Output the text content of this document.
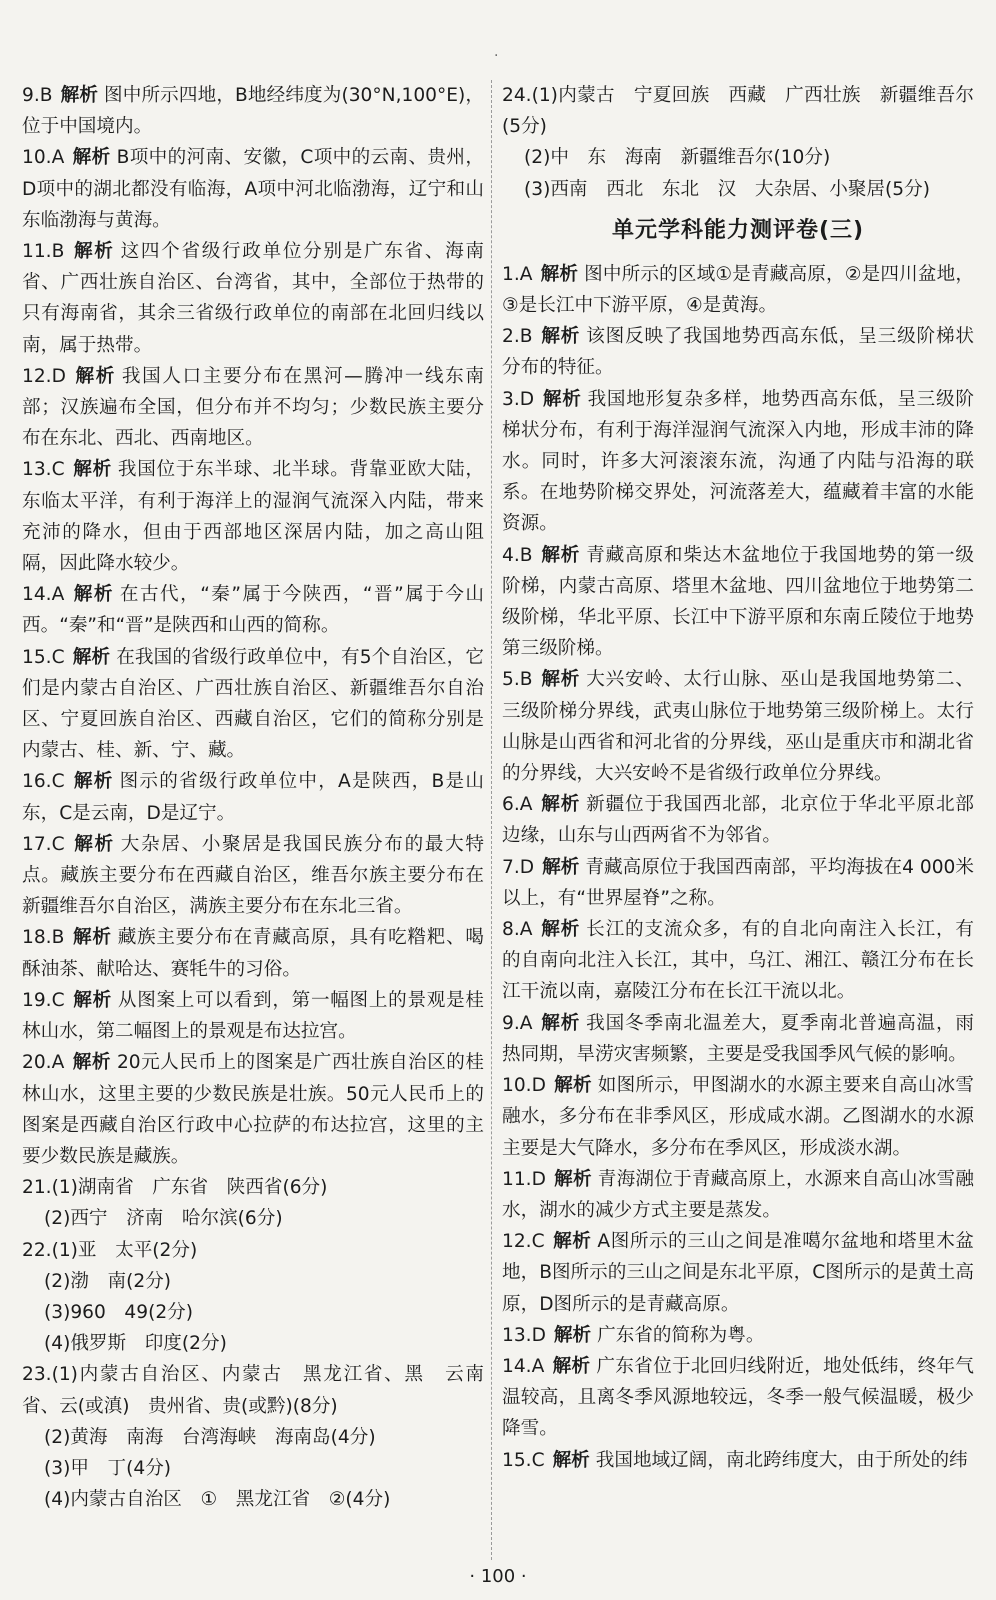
·

9.B 解析 图中所示四地，B地经纬度为(30°N,100°E)，位于中国境内。

10.A 解析 B项中的河南、安徽，C项中的云南、贵州，D项中的湖北都没有临海，A项中河北临渤海，辽宁和山东临渤海与黄海。

11.B 解析 这四个省级行政单位分别是广东省、海南省、广西壮族自治区、台湾省，其中，全部位于热带的只有海南省，其余三省级行政单位的南部在北回归线以南，属于热带。

12.D 解析 我国人口主要分布在黑河—腾冲一线东南部；汉族遍布全国，但分布并不均匀；少数民族主要分布在东北、西北、西南地区。

13.C 解析 我国位于东半球、北半球。背靠亚欧大陆，东临太平洋，有利于海洋上的湿润气流深入内陆，带来充沛的降水，但由于西部地区深居内陆，加之高山阻隔，因此降水较少。

14.A 解析 在古代，“秦”属于今陕西，“晋”属于今山西。“秦”和“晋”是陕西和山西的简称。

15.C 解析 在我国的省级行政单位中，有5个自治区，它们是内蒙古自治区、广西壮族自治区、新疆维吾尔自治区、宁夏回族自治区、西藏自治区，它们的简称分别是内蒙古、桂、新、宁、藏。

16.C 解析 图示的省级行政单位中，A是陕西，B是山东，C是云南，D是辽宁。

17.C 解析 大杂居、小聚居是我国民族分布的最大特点。藏族主要分布在西藏自治区，维吾尔族主要分布在新疆维吾尔自治区，满族主要分布在东北三省。

18.B 解析 藏族主要分布在青藏高原，具有吃糌粑、喝酥油茶、献哈达、赛牦牛的习俗。

19.C 解析 从图案上可以看到，第一幅图上的景观是桂林山水，第二幅图上的景观是布达拉宫。

20.A 解析 20元人民币上的图案是广西壮族自治区的桂林山水，这里主要的少数民族是壮族。50元人民币上的图案是西藏自治区行政中心拉萨的布达拉宫，这里的主要少数民族是藏族。

21.(1)湖南省　广东省　陕西省(6分)

(2)西宁　济南　哈尔滨(6分)

22.(1)亚　太平(2分)

(2)渤　南(2分)

(3)960　49(2分)

(4)俄罗斯　印度(2分)

23.(1)内蒙古自治区、内蒙古　黑龙江省、黑　云南省、云(或滇)　贵州省、贵(或黔)(8分)

(2)黄海　南海　台湾海峡　海南岛(4分)

(3)甲　丁(4分)

(4)内蒙古自治区　①　黑龙江省　②(4分)

24.(1)内蒙古　宁夏回族　西藏　广西壮族　新疆维吾尔(5分)

(2)中　东　海南　新疆维吾尔(10分)

(3)西南　西北　东北　汉　大杂居、小聚居(5分)

单元学科能力测评卷(三)

1.A 解析 图中所示的区域①是青藏高原，②是四川盆地，③是长江中下游平原，④是黄海。

2.B 解析 该图反映了我国地势西高东低，呈三级阶梯状分布的特征。

3.D 解析 我国地形复杂多样，地势西高东低，呈三级阶梯状分布，有利于海洋湿润气流深入内地，形成丰沛的降水。同时，许多大河滚滚东流，沟通了内陆与沿海的联系。在地势阶梯交界处，河流落差大，蕴藏着丰富的水能资源。

4.B 解析 青藏高原和柴达木盆地位于我国地势的第一级阶梯，内蒙古高原、塔里木盆地、四川盆地位于地势第二级阶梯，华北平原、长江中下游平原和东南丘陵位于地势第三级阶梯。

5.B 解析 大兴安岭、太行山脉、巫山是我国地势第二、三级阶梯分界线，武夷山脉位于地势第三级阶梯上。太行山脉是山西省和河北省的分界线，巫山是重庆市和湖北省的分界线，大兴安岭不是省级行政单位分界线。

6.A 解析 新疆位于我国西北部，北京位于华北平原北部边缘，山东与山西两省不为邻省。

7.D 解析 青藏高原位于我国西南部，平均海拔在4 000米以上，有“世界屋脊”之称。

8.A 解析 长江的支流众多，有的自北向南注入长江，有的自南向北注入长江，其中，乌江、湘江、赣江分布在长江干流以南，嘉陵江分布在长江干流以北。

9.A 解析 我国冬季南北温差大，夏季南北普遍高温，雨热同期，旱涝灾害频繁，主要是受我国季风气候的影响。

10.D 解析 如图所示，甲图湖水的水源主要来自高山冰雪融水，多分布在非季风区，形成咸水湖。乙图湖水的水源主要是大气降水，多分布在季风区，形成淡水湖。

11.D 解析 青海湖位于青藏高原上，水源来自高山冰雪融水，湖水的减少方式主要是蒸发。

12.C 解析 A图所示的三山之间是准噶尔盆地和塔里木盆地，B图所示的三山之间是东北平原，C图所示的是黄土高原，D图所示的是青藏高原。

13.D 解析 广东省的简称为粤。

14.A 解析 广东省位于北回归线附近，地处低纬，终年气温较高，且离冬季风源地较远，冬季一般气候温暖，极少降雪。

15.C 解析 我国地域辽阔，南北跨纬度大，由于所处的纬

· 100 ·
